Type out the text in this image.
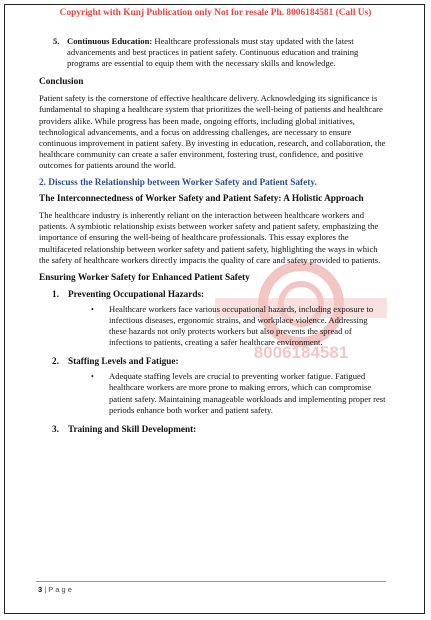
Copyright with Kunj Publication only Not for resale Ph. 8006184581 (Call Us)
8006184581
5. Continuous Education: Healthcare professionals must stay updated with the latest advancements and best practices in patient safety. Continuous education and training programs are essential to equip them with the necessary skills and knowledge.
Conclusion

Patient safety is the cornerstone of effective healthcare delivery. Acknowledging its significance is fundamental to shaping a healthcare system that prioritizes the well-being of patients and healthcare providers alike. While progress has been made, ongoing efforts, including global initiatives, technological advancements, and a focus on addressing challenges, are necessary to ensure continuous improvement in patient safety. By investing in education, research, and collaboration, the healthcare community can create a safer environment, fostering trust, confidence, and positive outcomes for patients around the world.

2. Discuss the Relationship between Worker Safety and Patient Safety.
The Interconnectedness of Worker Safety and Patient Safety: A Holistic Approach

The healthcare industry is inherently reliant on the interaction between healthcare workers and patients. A symbiotic relationship exists between worker safety and patient safety, emphasizing the importance of ensuring the well-being of healthcare professionals. This essay explores the multifaceted relationship between worker safety and patient safety, highlighting the ways in which the safety of healthcare workers directly impacts the quality of care and safety provided to patients.

Ensuring Worker Safety for Enhanced Patient Safety
1. Preventing Occupational Hazards:
•	Healthcare workers face various occupational hazards, including exposure to infectious diseases, ergonomic strains, and workplace violence. Addressing these hazards not only protects workers but also prevents the spread of infections to patients, creating a safer healthcare environment.
2. Staffing Levels and Fatigue:
•	Adequate staffing levels are crucial to preventing worker fatigue. Fatigued healthcare workers are more prone to making errors, which can compromise patient safety. Maintaining manageable workloads and implementing proper rest periods enhance both worker and patient safety.
3. Training and Skill Development:
3 | P a g e
